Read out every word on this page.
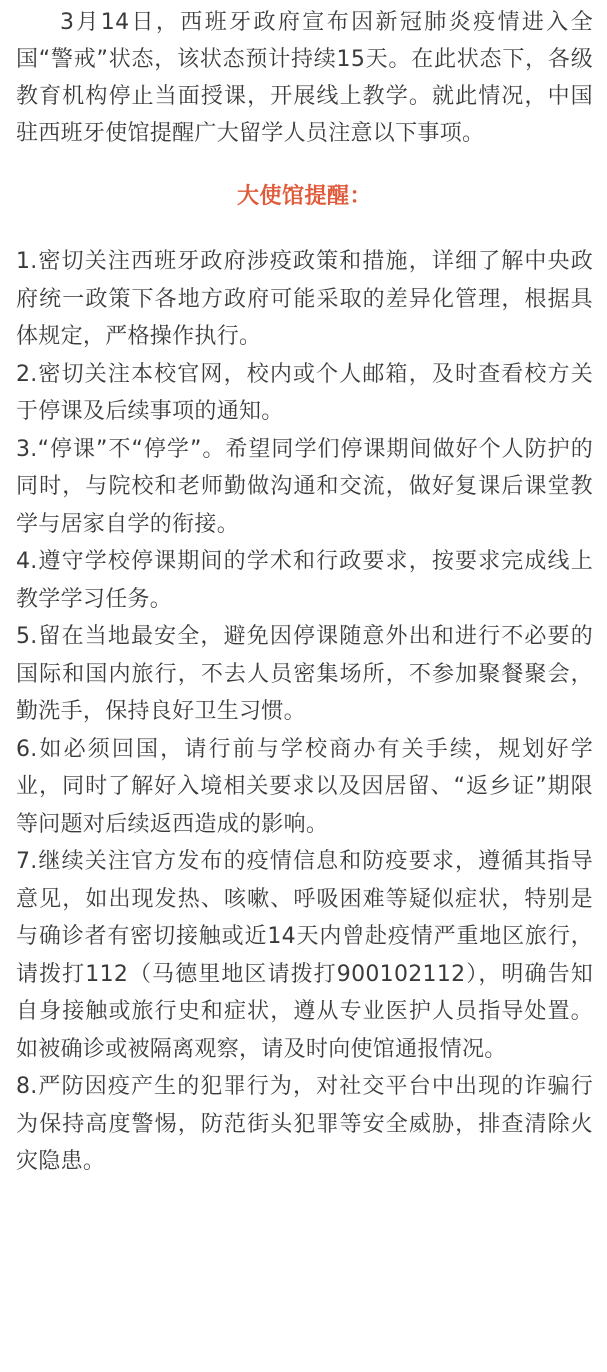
3月14日，西班牙政府宣布因新冠肺炎疫情进入全国“警戒”状态，该状态预计持续15天。在此状态下，各级教育机构停止当面授课，开展线上教学。就此情况，中国驻西班牙使馆提醒广大留学人员注意以下事项。

大使馆提醒：

1.密切关注西班牙政府涉疫政策和措施，详细了解中央政府统一政策下各地方政府可能采取的差异化管理，根据具体规定，严格操作执行。
2.密切关注本校官网，校内或个人邮箱，及时查看校方关于停课及后续事项的通知。
3.“停课”不“停学”。希望同学们停课期间做好个人防护的同时，与院校和老师勤做沟通和交流，做好复课后课堂教学与居家自学的衔接。
4.遵守学校停课期间的学术和行政要求，按要求完成线上教学学习任务。
5.留在当地最安全，避免因停课随意外出和进行不必要的国际和国内旅行，不去人员密集场所，不参加聚餐聚会，勤洗手，保持良好卫生习惯。
6.如必须回国，请行前与学校商办有关手续，规划好学业，同时了解好入境相关要求以及因居留、“返乡证”期限等问题对后续返西造成的影响。
7.继续关注官方发布的疫情信息和防疫要求，遵循其指导意见，如出现发热、咳嗽、呼吸困难等疑似症状，特别是与确诊者有密切接触或近14天内曾赴疫情严重地区旅行，请拨打112（马德里地区请拨打900102112），明确告知自身接触或旅行史和症状，遵从专业医护人员指导处置。如被确诊或被隔离观察，请及时向使馆通报情况。
8.严防因疫产生的犯罪行为，对社交平台中出现的诈骗行为保持高度警惕，防范街头犯罪等安全威胁，排查清除火灾隐患。
